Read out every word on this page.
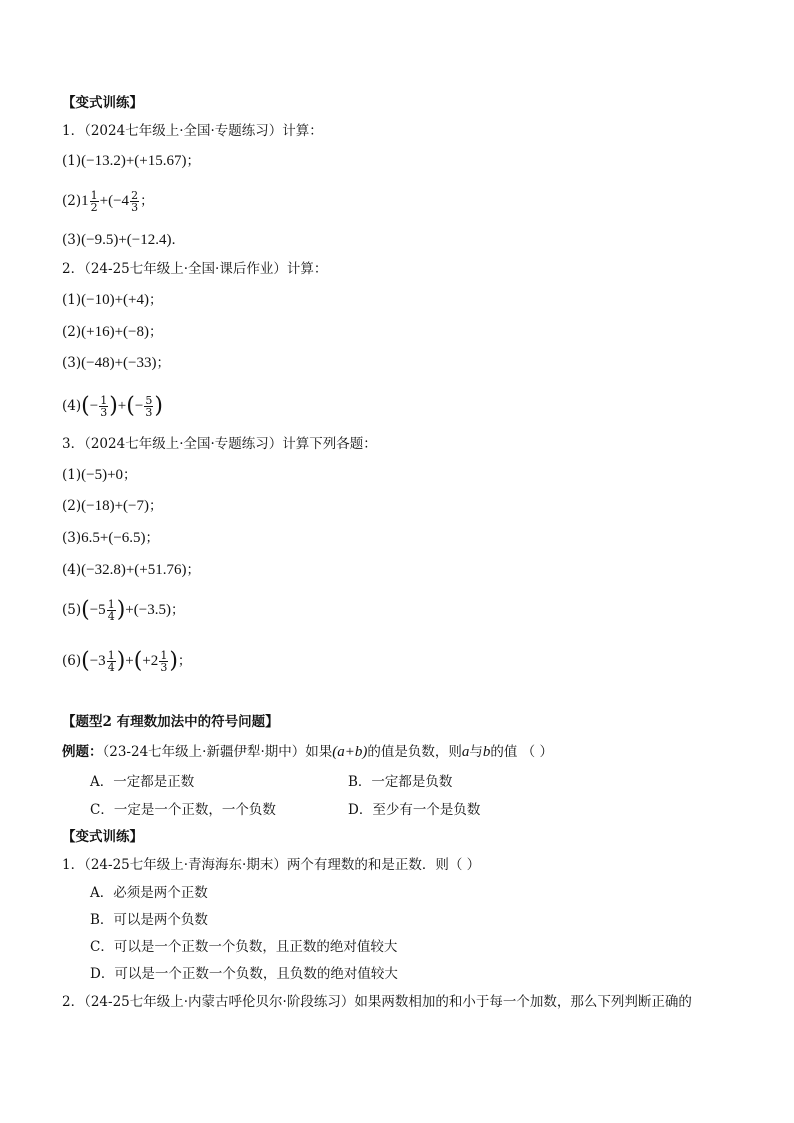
【变式训练】
1．（2024七年级上·全国·专题练习）计算：
(1)(−13.2)+(+15.67)；
$(2)1 \frac{1}{2} +(-4 \frac{2}{3}$ ；
(3)(−9.5)+(−12.4)．
2．（24-25七年级上·全国·课后作业）计算：
(1)(−10)+(+4)；
(2)(+16)+(−8)；
(3)(−48)+(−33)；
$(4)(- \frac{1}{3}$ )+(− $\frac{5}{3}$ )
3．（2024七年级上·全国·专题练习）计算下列各题：
(1)(−5)+0；
(2)(−18)+(−7)；
(3)6.5+(−6.5)；
(4)(−32.8)+(+51.76)；
$(5)(-5 \frac{1}{4} )+(-3.5)$；
$(6)(-3 \frac{1}{4} )+(+2 \frac{1}{3}$ )；
【题型2 有理数加法中的符号问题】
例题：（23-24七年级上·新疆伊犁·期中）如果(a+b)的值是负数，则a与b的值 （ ）
A．一定都是正数	B．一定都是负数
C．一定是一个正数，一个负数	D．至少有一个是负数
【变式训练】
1．（24-25七年级上·青海海东·期末）两个有理数的和是正数．则（ ）
A．必须是两个正数
B．可以是两个负数
C．可以是一个正数一个负数，且正数的绝对值较大
D．可以是一个正数一个负数，且负数的绝对值较大
2．（24-25七年级上·内蒙古呼伦贝尔·阶段练习）如果两数相加的和小于每一个加数，那么下列判断正确的
